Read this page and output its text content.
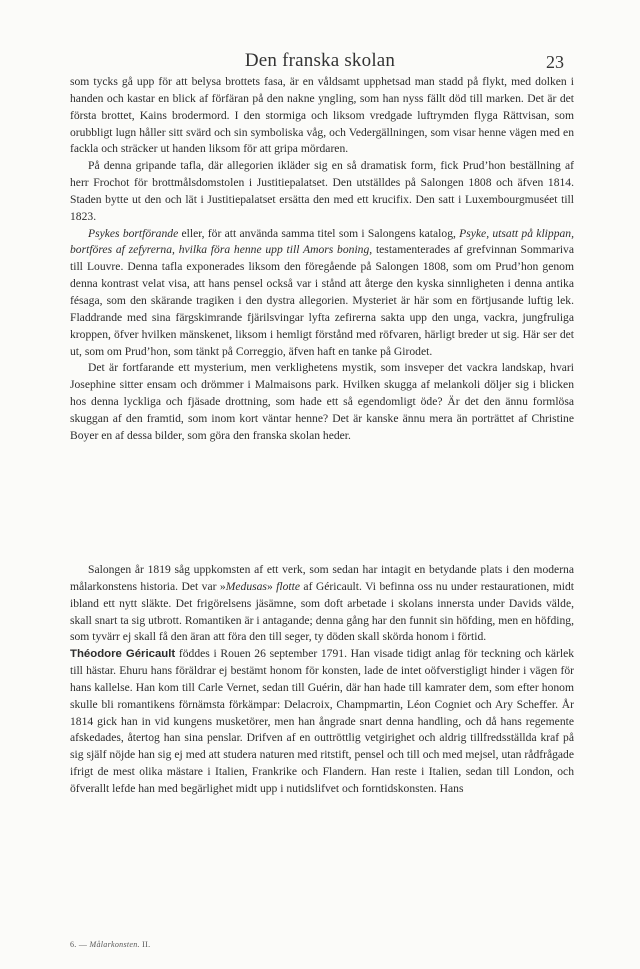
Den franska skolan	23

som tycks gå upp för att belysa brottets fasa, är en våldsamt upphetsad man stadd på flykt, med dolken i handen och kastar en blick af förfäran på den nakne yngling, som han nyss fällt död till marken. Det är det första brottet, Kains brodermord. I den stormiga och liksom vredgade luftrymden flyga Rättvisan, som orubbligt lugn håller sitt svärd och sin symboliska våg, och Vedergällningen, som visar henne vägen med en fackla och sträcker ut handen liksom för att gripa mördaren.

På denna gripande tafla, där allegorien ikläder sig en så dramatisk form, fick Prud’hon beställning af herr Frochot för brottmålsdomstolen i Justitiepalatset. Den utställdes på Salongen 1808 och äfven 1814. Staden bytte ut den och lät i Justitiepalatset ersätta den med ett krucifix. Den satt i Luxembourgmuséet till 1823.

Psykes bortförande eller, för att använda samma titel som i Salongens katalog, Psyke, utsatt på klippan, bortföres af zefyrerna, hvilka föra henne upp till Amors boning, testamenterades af grefvinnan Sommariva till Louvre. Denna tafla exponerades liksom den föregående på Salongen 1808, som om Prud’hon genom denna kontrast velat visa, att hans pensel också var i stånd att återge den kyska sinnligheten i denna antika fésaga, som den skärande tragiken i den dystra allegorien. Mysteriet är här som en förtjusande luftig lek. Fladdrande med sina färgskimrande fjärilsvingar lyfta zefirerna sakta upp den unga, vackra, jungfruliga kroppen, öfver hvilken mänskenet, liksom i hemligt förstånd med röfvaren, härligt breder ut sig. Här ser det ut, som om Prud’hon, som tänkt på Correggio, äfven haft en tanke på Girodet.

Det är fortfarande ett mysterium, men verklighetens mystik, som insveper det vackra landskap, hvari Josephine sitter ensam och drömmer i Malmaisons park. Hvilken skugga af melankoli döljer sig i blicken hos denna lyckliga och fjäsade drottning, som hade ett så egendomligt öde? Är det den ännu formlösa skuggan af den framtid, som inom kort väntar henne? Det är kanske ännu mera än porträttet af Christine Boyer en af dessa bilder, som göra den franska skolan heder.

Salongen år 1819 såg uppkomsten af ett verk, som sedan har intagit en betydande plats i den moderna målarkonstens historia. Det var »Medusas» flotte af Géricault. Vi befinna oss nu under restaurationen, midt ibland ett nytt släkte. Det frigörelsens jäsämne, som doft arbetade i skolans innersta under Davids välde, skall snart ta sig utbrott. Romantiken är i antagande; denna gång har den funnit sin höfding, men en höfding, som tyvärr ej skall få den äran att föra den till seger, ty döden skall skörda honom i förtid.

Théodore Géricault föddes i Rouen 26 september 1791. Han visade tidigt anlag för teckning och kärlek till hästar. Ehuru hans föräldrar ej bestämt honom för konsten, lade de intet oöfverstigligt hinder i vägen för hans kallelse. Han kom till Carle Vernet, sedan till Guérin, där han hade till kamrater dem, som efter honom skulle bli romantikens förnämsta förkämpar: Delacroix, Champmartin, Léon Cogniet och Ary Scheffer. År 1814 gick han in vid kungens musketörer, men han ångrade snart denna handling, och då hans regemente afskedades, återtog han sina penslar. Drifven af en outtröttlig vetgirighet och aldrig tillfredsställda kraf på sig själf nöjde han sig ej med att studera naturen med ritstift, pensel och till och med mejsel, utan rådfrågade ifrigt de mest olika mästare i Italien, Frankrike och Flandern. Han reste i Italien, sedan till London, och öfverallt lefde han med begärlighet midt upp i nutidslifvet och forntidskonsten. Hans

6. — Målarkonsten. II.
